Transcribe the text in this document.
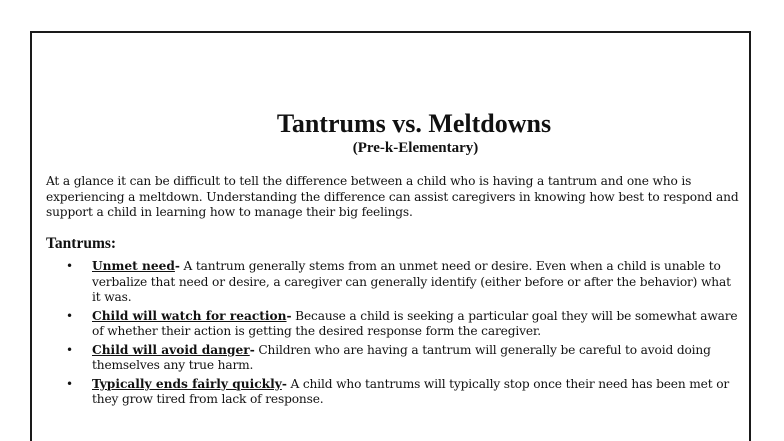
Tantrums vs. Meltdowns
(Pre-k-Elementary)

At a glance it can be difficult to tell the difference between a child who is having a tantrum and one who is experiencing a meltdown. Understanding the difference can assist caregivers in knowing how best to respond and support a child in learning how to manage their big feelings.

Tantrums:
• Unmet need- A tantrum generally stems from an unmet need or desire. Even when a child is unable to verbalize that need or desire, a caregiver can generally identify (either before or after the behavior) what it was.
• Child will watch for reaction- Because a child is seeking a particular goal they will be somewhat aware of whether their action is getting the desired response form the caregiver.
• Child will avoid danger- Children who are having a tantrum will generally be careful to avoid doing themselves any true harm.
• Typically ends fairly quickly- A child who tantrums will typically stop once their need has been met or they grow tired from lack of response.
